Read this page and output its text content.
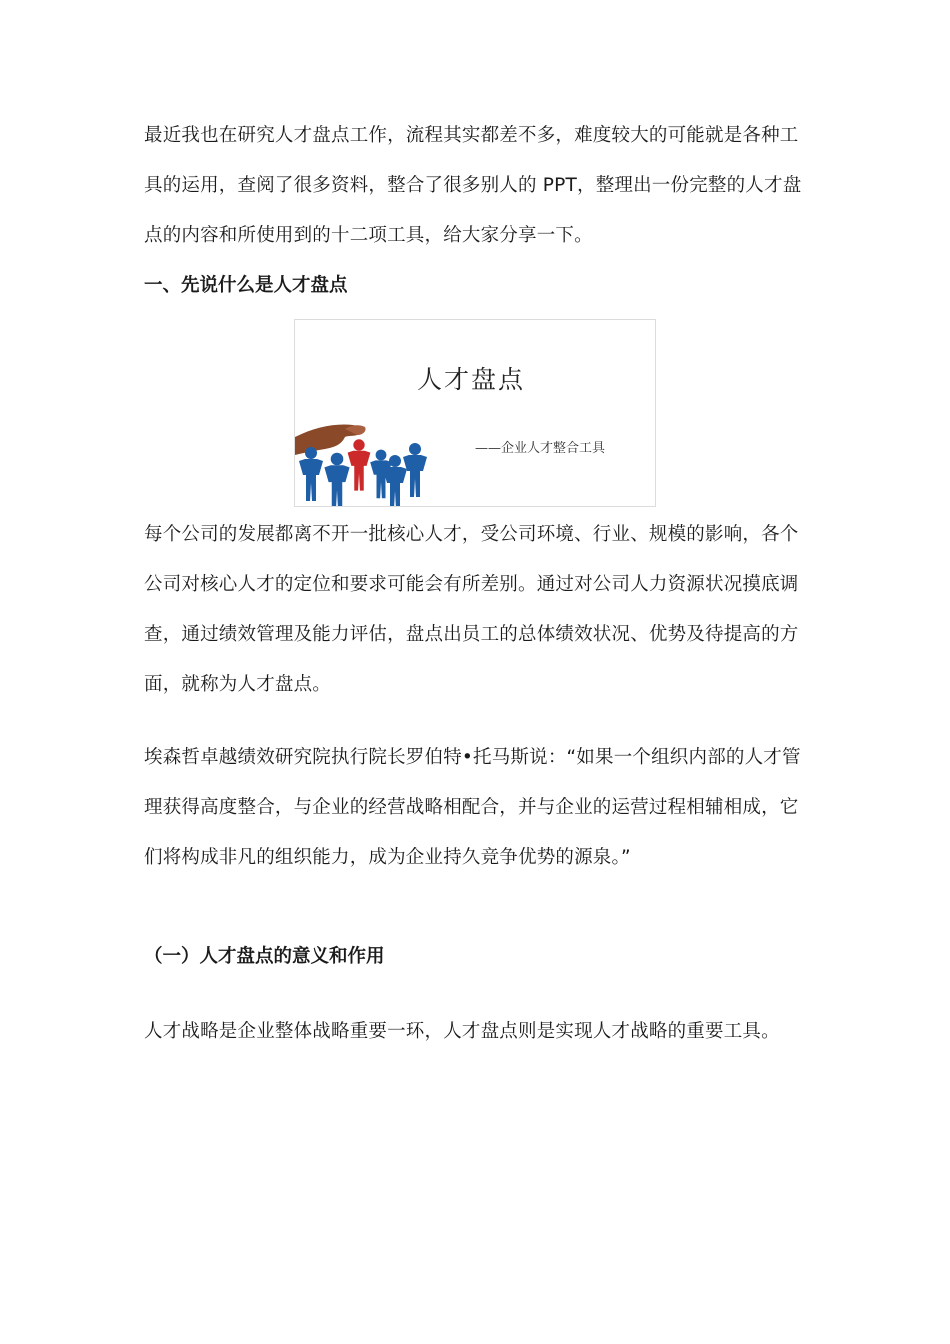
最近我也在研究人才盘点工作，流程其实都差不多，难度较大的可能就是各种工具的运用，查阅了很多资料，整合了很多别人的 PPT，整理出一份完整的人才盘点的内容和所使用到的十二项工具，给大家分享一下。

一、先说什么是人才盘点
人才盘点
——企业人才整合工具

每个公司的发展都离不开一批核心人才，受公司环境、行业、规模的影响，各个公司对核心人才的定位和要求可能会有所差别。通过对公司人力资源状况摸底调查，通过绩效管理及能力评估，盘点出员工的总体绩效状况、优势及待提高的方面，就称为人才盘点。

埃森哲卓越绩效研究院执行院长罗伯特•托马斯说：“如果一个组织内部的人才管理获得高度整合，与企业的经营战略相配合，并与企业的运营过程相辅相成，它们将构成非凡的组织能力，成为企业持久竞争优势的源泉。”

（一）人才盘点的意义和作用

人才战略是企业整体战略重要一环，人才盘点则是实现人才战略的重要工具。
